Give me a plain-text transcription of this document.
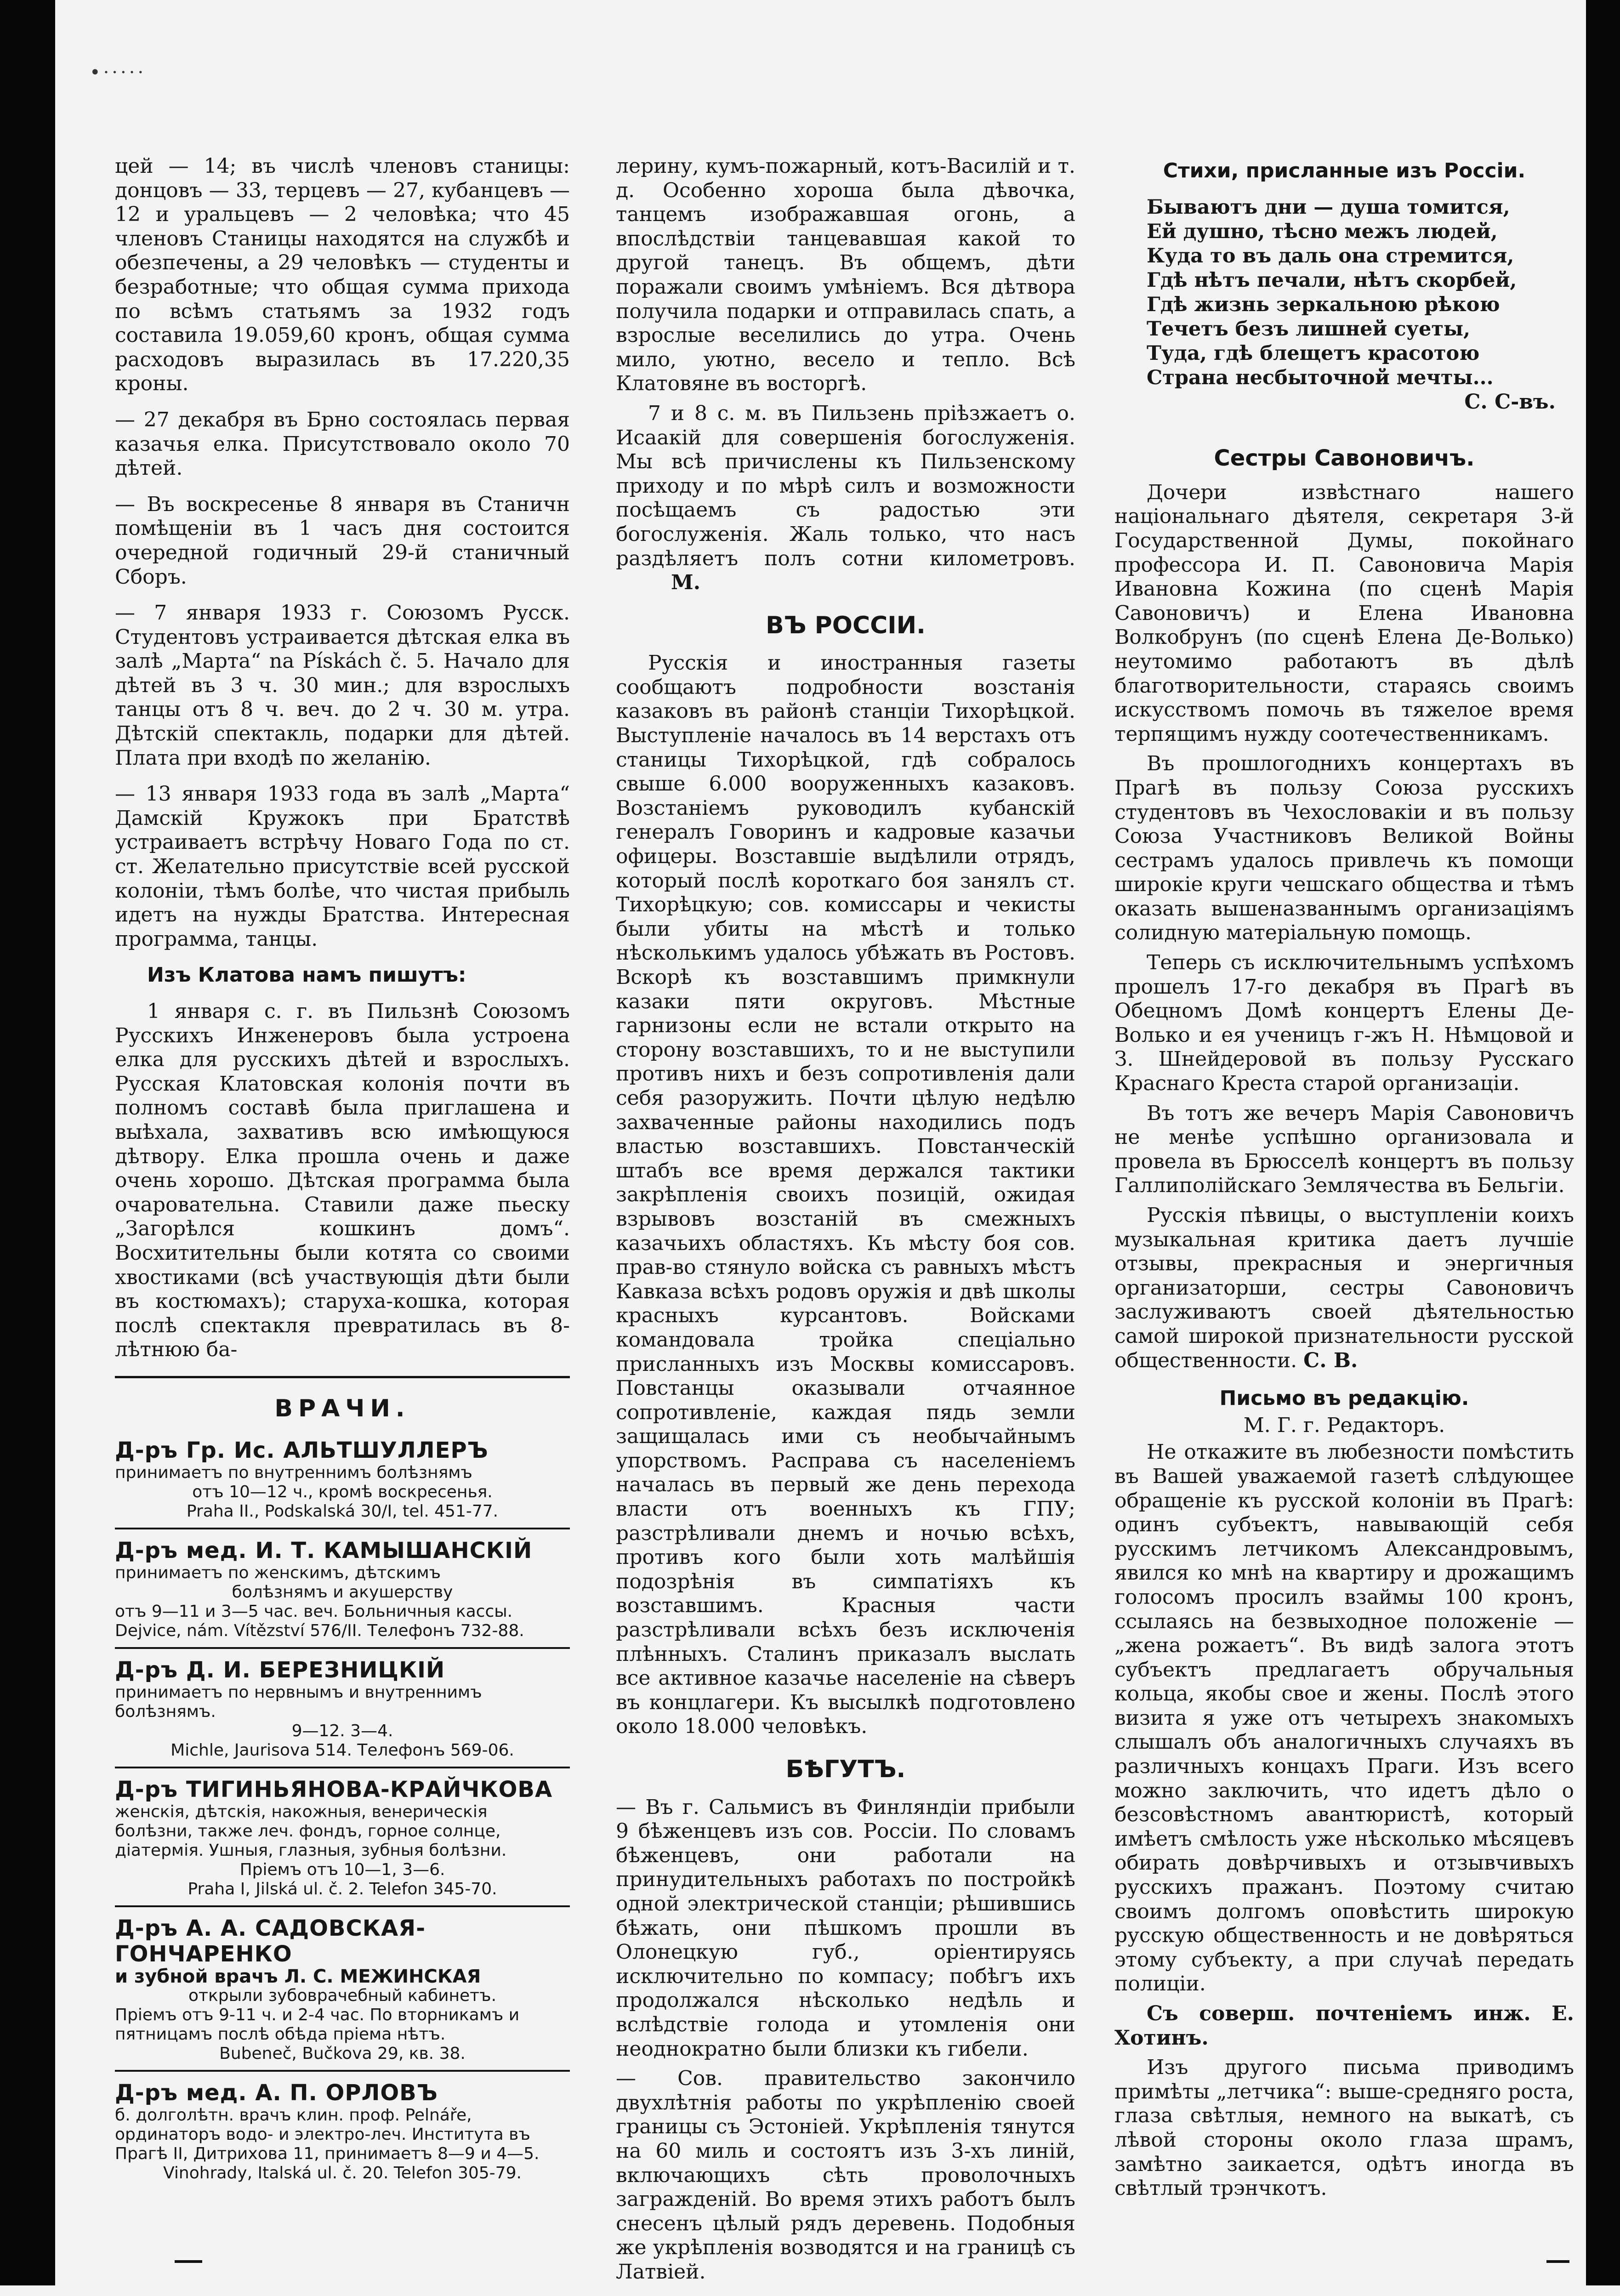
•·····

цей — 14; въ числѣ членовъ станицы: донцовъ — 33, терцевъ — 27, кубанцевъ — 12 и уральцевъ — 2 человѣка; что 45 членовъ Станицы находятся на службѣ и обезпечены, а 29 человѣкъ — студенты и безработные; что общая сумма прихода по всѣмъ статьямъ за 1932 годъ составила 19.059,60 кронъ, общая сумма расходовъ выразилась въ 17.220,35 кроны.

— 27 декабря въ Брно состоялась первая казачья елка. Присутствовало около 70 дѣтей.

— Въ воскресенье 8 января въ Станичн помѣщеніи въ 1 часъ дня состоится очередной годичный 29-й станичный Сборъ.

— 7 января 1933 г. Союзомъ Русск. Студентовъ устраивается дѣтская елка въ залѣ „Марта“ na Pískách č. 5. Начало для дѣтей въ 3 ч. 30 мин.; для взрослыхъ танцы отъ 8 ч. веч. до 2 ч. 30 м. утра. Дѣтскій спектакль, подарки для дѣтей. Плата при входѣ по желанію.

— 13 января 1933 года въ залѣ „Марта“ Дамскій Кружокъ при Братствѣ устраиваетъ встрѣчу Новаго Года по ст. ст. Желательно присутствіе всей русской колоніи, тѣмъ болѣе, что чистая прибыль идетъ на нужды Братства. Интересная программа, танцы.

Изъ Клатова намъ пишутъ:

1 января с. г. въ Пильзнѣ Союзомъ Русскихъ Инженеровъ была устроена елка для русскихъ дѣтей и взрослыхъ. Русская Клатовская колонія почти въ полномъ составѣ была приглашена и выѣхала, захвативъ всю имѣющуюся дѣтвору. Елка прошла очень и даже очень хорошо. Дѣтская программа была очаровательна. Ставили даже пьеску „Загорѣлся кошкинъ домъ“. Восхитительны были котята со своими хвостиками (всѣ участвующія дѣти были въ костюмахъ); старуха-кошка, которая послѣ спектакля превратилась въ 8-лѣтнюю ба-

ВРАЧИ.
Д-ръ Гр. Ис. АЛЬТШУЛЛЕРЪ
принимаетъ по внутреннимъ болѣзнямъ
отъ 10—12 ч., кромѣ воскресенья.
Praha II., Podskalská 30/I, tel. 451-77.
Д-ръ мед. И. Т. КАМЫШАНСКІЙ
принимаетъ по женскимъ, дѣтскимъ
болѣзнямъ и акушерству
отъ 9—11 и 3—5 час. веч. Больничныя кассы.
Dejvice, nám. Vítězství 576/II. Телефонъ 732-88.
Д-ръ Д. И. БЕРЕЗНИЦКІЙ
принимаетъ по нервнымъ и внутреннимъ болѣзнямъ.
9—12. 3—4.
Michle, Jaurisova 514. Телефонъ 569-06.
Д-ръ ТИГИНЬЯНОВА-КРАЙЧКОВА
женскія, дѣтскія, накожныя, венерическія болѣзни, также леч. фондъ, горное солнце, діатермія. Ушныя, глазныя, зубныя болѣзни.
Пріемъ отъ 10—1, 3—6.
Praha I, Jilská ul. č. 2. Telefon 345-70.
Д-ръ А. А. САДОВСКАЯ-ГОНЧАРЕНКО
и зубной врачъ Л. С. МЕЖИНСКАЯ
открыли зубоврачебный кабинетъ.
Пріемъ отъ 9-11 ч. и 2-4 час. По вторникамъ и пятницамъ послѣ обѣда пріема нѣтъ.
Bubeneč, Bučkova 29, кв. 38.
Д-ръ мед. А. П. ОРЛОВЪ
б. долголѣтн. врачъ клин. проф. Pelnáře, ординаторъ водо- и электро-леч. Института въ Прагѣ II, Дитрихова 11, принимаетъ 8—9 и 4—5.
Vinohrady, Italská ul. č. 20. Telefon 305-79.

лерину, кумъ-пожарный, котъ-Василій и т. д. Особенно хороша была дѣвочка, танцемъ изображавшая огонь, а впослѣдствіи танцевавшая какой то другой танецъ. Въ общемъ, дѣти поражали своимъ умѣніемъ. Вся дѣтвора получила подарки и отправилась спать, а взрослые веселились до утра. Очень мило, уютно, весело и тепло. Всѣ Клатовяне въ восторгѣ.

7 и 8 с. м. въ Пильзень пріѣзжаетъ о. Исаакій для совершенія богослуженія. Мы всѣ причислены къ Пильзенскому приходу и по мѣрѣ силъ и возможности посѣщаемъ съ радостью эти богослуженія. Жаль только, что насъ раздѣляетъ полъ сотни километровъ. М.

ВЪ РОССІИ.

Русскія и иностранныя газеты сообщаютъ подробности возстанія казаковъ въ районѣ станціи Тихорѣцкой. Выступленіе началось въ 14 верстахъ отъ станицы Тихорѣцкой, гдѣ собралось свыше 6.000 вооруженныхъ казаковъ. Возстаніемъ руководилъ кубанскій генералъ Говоринъ и кадровые казачьи офицеры. Возставшіе выдѣлили отрядъ, который послѣ короткаго боя занялъ ст. Тихорѣцкую; сов. комиссары и чекисты были убиты на мѣстѣ и только нѣсколькимъ удалось убѣжать въ Ростовъ. Вскорѣ къ возставшимъ примкнули казаки пяти округовъ. Мѣстные гарнизоны если не встали открыто на сторону возставшихъ, то и не выступили противъ нихъ и безъ сопротивленія дали себя разоружить. Почти цѣлую недѣлю захваченные районы находились подъ властью возставшихъ. Повстанческій штабъ все время держался тактики закрѣпленія своихъ позицій, ожидая взрывовъ возстаній въ смежныхъ казачьихъ областяхъ. Къ мѣсту боя сов. прав-во стянуло войска съ равныхъ мѣстъ Кавказа всѣхъ родовъ оружія и двѣ школы красныхъ курсантовъ. Войсками командовала тройка спеціально присланныхъ изъ Москвы комиссаровъ. Повстанцы оказывали отчаянное сопротивленіе, каждая пядь земли защищалась ими съ необычайнымъ упорствомъ. Расправа съ населеніемъ началась въ первый же день перехода власти отъ военныхъ къ ГПУ; разстрѣливали днемъ и ночью всѣхъ, противъ кого были хоть малѣйшія подозрѣнія въ симпатіяхъ къ возставшимъ. Красныя части разстрѣливали всѣхъ безъ исключенія плѣнныхъ. Сталинъ приказалъ выслать все активное казачье населеніе на сѣверъ въ концлагери. Къ высылкѣ подготовлено около 18.000 человѣкъ.

БѢГУТЪ.

— Въ г. Сальмисъ въ Финляндіи прибыли 9 бѣженцевъ изъ сов. Россіи. По словамъ бѣженцевъ, они работали на принудительныхъ работахъ по постройкѣ одной электрической станціи; рѣшившись бѣжать, они пѣшкомъ прошли въ Олонецкую губ., оріентируясь исключительно по компасу; побѣгъ ихъ продолжался нѣсколько недѣль и вслѣдствіе голода и утомленія они неоднократно были близки къ гибели.

— Сов. правительство закончило двухлѣтнія работы по укрѣпленію своей границы съ Эстоніей. Укрѣпленія тянутся на 60 миль и состоятъ изъ 3-хъ линій, включающихъ сѣть проволочныхъ загражденій. Во время этихъ работъ былъ снесенъ цѣлый рядъ деревень. Подобныя же укрѣпленія возводятся и на границѣ съ Латвіей.

Стихи, присланные изъ Россіи.
Бываютъ дни — душа томится,
Ей душно, тѣсно межъ людей,
Куда то въ даль она стремится,
Гдѣ нѣтъ печали, нѣтъ скорбей,
Гдѣ жизнь зеркальною рѣкою
Течетъ безъ лишней суеты,
Туда, гдѣ блещетъ красотою
Страна несбыточной мечты...
С. С-въ.
Сестры Савоновичъ.

Дочери извѣстнаго нашего національнаго дѣятеля, секретаря 3-й Государственной Думы, покойнаго профессора И. П. Савоновича Марія Ивановна Кожина (по сценѣ Марія Савоновичъ) и Елена Ивановна Волкобрунъ (по сценѣ Елена Де-Волько) неутомимо работаютъ въ дѣлѣ благотворительности, стараясь своимъ искусствомъ помочь въ тяжелое время терпящимъ нужду соотечественникамъ.

Въ прошлогоднихъ концертахъ въ Прагѣ въ пользу Союза русскихъ студентовъ въ Чехословакіи и въ пользу Союза Участниковъ Великой Войны сестрамъ удалось привлечь къ помощи широкіе круги чешскаго общества и тѣмъ оказать вышеназваннымъ организаціямъ солидную матеріальную помощь.

Теперь съ исключительнымъ успѣхомъ прошелъ 17-го декабря въ Прагѣ въ Обецномъ Домѣ концертъ Елены Де-Волько и ея ученицъ г-жъ Н. Нѣмцовой и З. Шнейдеровой въ пользу Русскаго Краснаго Креста старой организаціи.

Въ тотъ же вечеръ Марія Савоновичъ не менѣе успѣшно организовала и провела въ Брюсселѣ концертъ въ пользу Галлиполійскаго Землячества въ Бельгіи.

Русскія пѣвицы, о выступленіи коихъ музыкальная критика даетъ лучшіе отзывы, прекрасныя и энергичныя организаторши, сестры Савоновичъ заслуживаютъ своей дѣятельностью самой широкой признательности русской общественности. С. В.

Письмо въ редакцію.
М. Г. г. Редакторъ.

Не откажите въ любезности помѣстить въ Вашей уважаемой газетѣ слѣдующее обращеніе къ русской колоніи въ Прагѣ: одинъ субъектъ, навывающій себя русскимъ летчикомъ Александровымъ, явился ко мнѣ на квартиру и дрожащимъ голосомъ просилъ взаймы 100 кронъ, ссылаясь на безвыходное положеніе — „жена рожаетъ“. Въ видѣ залога этотъ субъектъ предлагаетъ обручальныя кольца, якобы свое и жены. Послѣ этого визита я уже отъ четырехъ знакомыхъ слышалъ объ аналогичныхъ случаяхъ въ различныхъ концахъ Праги. Изъ всего можно заключить, что идетъ дѣло о безсовѣстномъ авантюристѣ, который имѣетъ смѣлость уже нѣсколько мѣсяцевъ обирать довѣрчивыхъ и отзывчивыхъ русскихъ пражанъ. Поэтому считаю своимъ долгомъ оповѣстить широкую русскую общественность и не довѣряться этому субъекту, а при случаѣ передать полиціи.

Съ соверш. почтеніемъ инж. Е. Хотинъ.

Изъ другого письма приводимъ примѣты „летчика“: выше-средняго роста, глаза свѣтлыя, немного на выкатѣ, съ лѣвой стороны около глаза шрамъ, замѣтно заикается, одѣтъ иногда въ свѣтлый трэнчкотъ.
